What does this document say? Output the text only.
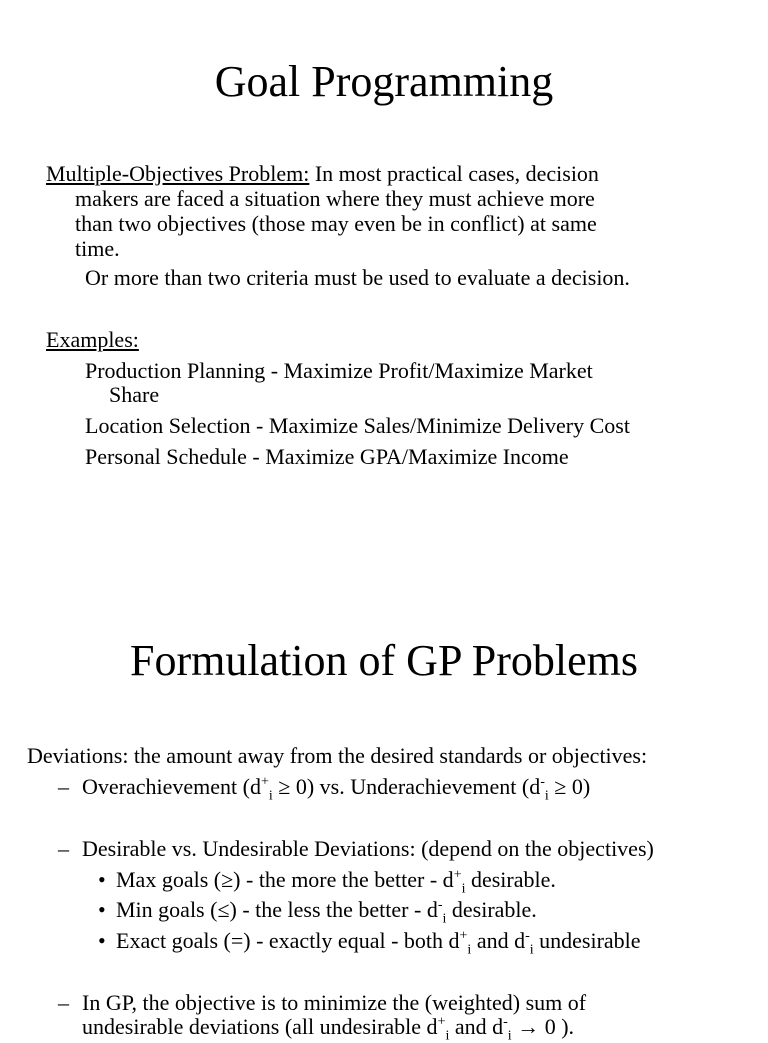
Goal Programming
Multiple-Objectives Problem: In most practical cases, decision
makers are faced a situation where they must achieve more
than two objectives (those may even be in conflict) at same
time.
Or more than two criteria must be used to evaluate a decision.
Examples:
Production Planning - Maximize Profit/Maximize Market
Share
Location Selection - Maximize Sales/Minimize Delivery Cost
Personal Schedule - Maximize GPA/Maximize Income
Formulation of GP Problems
Deviations: the amount away from the desired standards or objectives:
– Overachievement $(d^+_i \ge 0)$ vs. Underachievement $(d^-_i \ge 0)$
– Desirable vs. Undesirable Deviations: (depend on the objectives)
• Max goals (≥) - the more the better - $d^+_i$ desirable.
• Min goals (≤) - the less the better - $d^-_i$ desirable.
• Exact goals (=) - exactly equal - both $d^+_i$ and $d^-_i$ undesirable
– In GP, the objective is to minimize the (weighted) sum of
undesirable deviations (all undesirable $d^+_i$ and $d^-_i \to 0$ ).
